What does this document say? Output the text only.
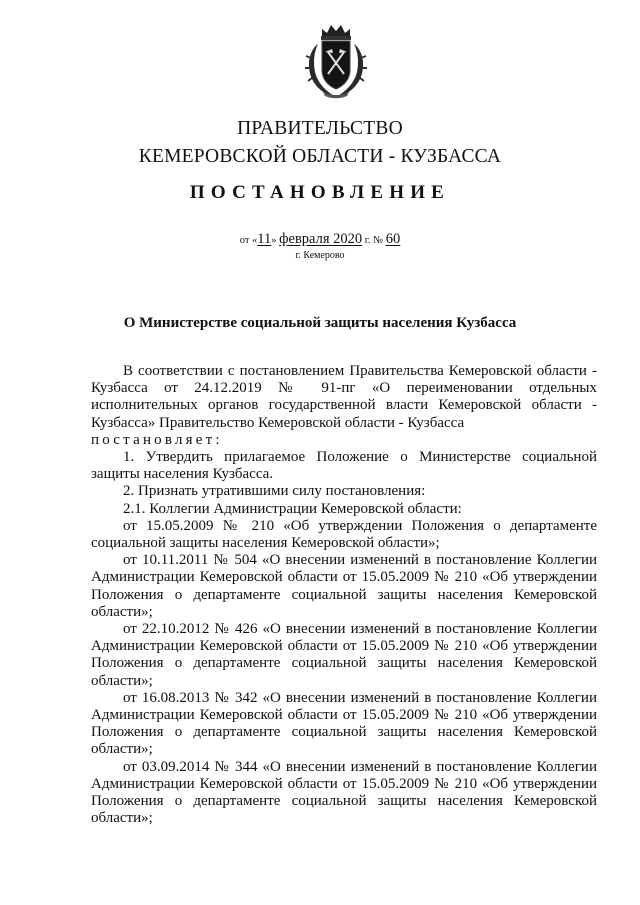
ПРАВИТЕЛЬСТВО
КЕМЕРОВСКОЙ ОБЛАСТИ - КУЗБАССА
ПОСТАНОВЛЕНИЕ
от «11» февраля 2020 г. № 60
г. Кемерово
О Министерстве социальной защиты населения Кузбасса

В соответствии с постановлением Правительства Кемеровской области - Кузбасса от 24.12.2019 № 91-пг «О переименовании отдельных исполнительных органов государственной власти Кемеровской области - Кузбасса» Правительство Кемеровской области - Кузбасса
постановляет:

1. Утвердить прилагаемое Положение о Министерстве социальной защиты населения Кузбасса.

2. Признать утратившими силу постановления:

2.1. Коллегии Администрации Кемеровской области:

от 15.05.2009 № 210 «Об утверждении Положения о департаменте социальной защиты населения Кемеровской области»;

от 10.11.2011 № 504 «О внесении изменений в постановление Коллегии Администрации Кемеровской области от 15.05.2009 № 210 «Об утверждении Положения о департаменте социальной защиты населения Кемеровской области»;

от 22.10.2012 № 426 «О внесении изменений в постановление Коллегии Администрации Кемеровской области от 15.05.2009 № 210 «Об утверждении Положения о департаменте социальной защиты населения Кемеровской области»;

от 16.08.2013 № 342 «О внесении изменений в постановление Коллегии Администрации Кемеровской области от 15.05.2009 № 210 «Об утверждении Положения о департаменте социальной защиты населения Кемеровской области»;

от 03.09.2014 № 344 «О внесении изменений в постановление Коллегии Администрации Кемеровской области от 15.05.2009 № 210 «Об утверждении Положения о департаменте социальной защиты населения Кемеровской области»;
